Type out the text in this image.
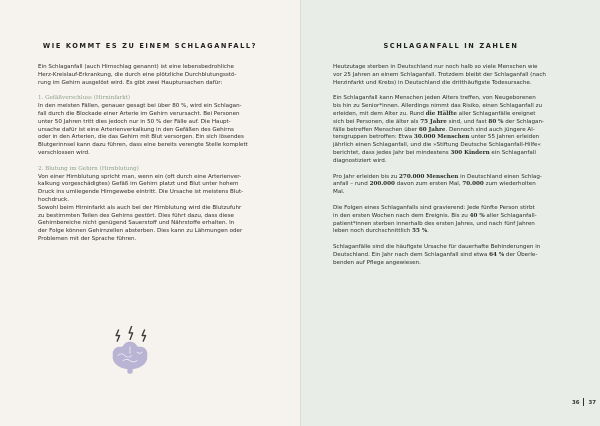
WIE KOMMT ES ZU EINEM SCHLAGANFALL?

Ein Schlaganfall (auch Hirnschlag genannt) ist eine lebensbedrohliche
Herz-Kreislauf-Erkrankung, die durch eine plötzliche Durchblutungsstö-
rung im Gehirn ausgelöst wird. Es gibt zwei Hauptursachen dafür:

1. Gefäßverschluss (Hirninfarkt)

In den meisten Fällen, genauer gesagt bei über 80 %, wird ein Schlagan-
fall durch die Blockade einer Arterie im Gehirn verursacht. Bei Personen
unter 50 Jahren tritt dies jedoch nur in 50 % der Fälle auf. Die Haupt-
ursache dafür ist eine Arterienverkalkung in den Gefäßen des Gehirns
oder in den Arterien, die das Gehirn mit Blut versorgen. Ein sich lösendes
Blutgerinnsel kann dazu führen, dass eine bereits verengte Stelle komplett
verschlossen wird.

2. Blutung im Gehirn (Hirnblutung)

Von einer Hirnblutung spricht man, wenn ein (oft durch eine Arterienver-
kalkung vorgeschädigtes) Gefäß im Gehirn platzt und Blut unter hohem
Druck ins umliegende Hirngewebe eintritt. Die Ursache ist meistens Blut-
hochdruck.

Sowohl beim Hirninfarkt als auch bei der Hirnblutung wird die Blutzufuhr
zu bestimmten Teilen des Gehirns gestört. Dies führt dazu, dass diese
Gehirnbereiche nicht genügend Sauerstoff und Nährstoffe erhalten. In
der Folge können Gehirnzellen absterben. Dies kann zu Lähmungen oder
Problemen mit der Sprache führen.

SCHLAGANFALL IN ZAHLEN

Heutzutage sterben in Deutschland nur noch halb so viele Menschen wie
vor 25 Jahren an einem Schlaganfall. Trotzdem bleibt der Schlaganfall (nach
Herzinfarkt und Krebs) in Deutschland die dritthäufigste Todesursache.

Ein Schlaganfall kann Menschen jeden Alters treffen, von Neugeborenen
bis hin zu Senior*innen. Allerdings nimmt das Risiko, einen Schlaganfall zu
erleiden, mit dem Alter zu. Rund die Hälfte aller Schlaganfälle ereignet
sich bei Personen, die älter als 75 Jahre sind, und fast 80 % der Schlagan-
fälle betreffen Menschen über 60 Jahre. Dennoch sind auch jüngere Al-
tersgruppen betroffen: Etwa 30.000 Menschen unter 55 Jahren erleiden
jährlich einen Schlaganfall, und die »Stiftung Deutsche Schlaganfall-Hilfe«
berichtet, dass jedes Jahr bei mindestens 300 Kindern ein Schlaganfall
diagnostiziert wird.

Pro Jahr erleiden bis zu 270.000 Menschen in Deutschland einen Schlag-
anfall – rund 200.000 davon zum ersten Mal, 70.000 zum wiederholten
Mal.

Die Folgen eines Schlaganfalls sind gravierend: Jede fünfte Person stirbt
in den ersten Wochen nach dem Ereignis. Bis zu 40 % aller Schlaganfall-
patient*innen sterben innerhalb des ersten Jahres, und nach fünf Jahren
leben noch durchschnittlich 55 %.

Schlaganfälle sind die häufigste Ursache für dauerhafte Behinderungen in
Deutschland. Ein Jahr nach dem Schlaganfall sind etwa 64 % der Überle-
benden auf Pflege angewiesen.

36 37
